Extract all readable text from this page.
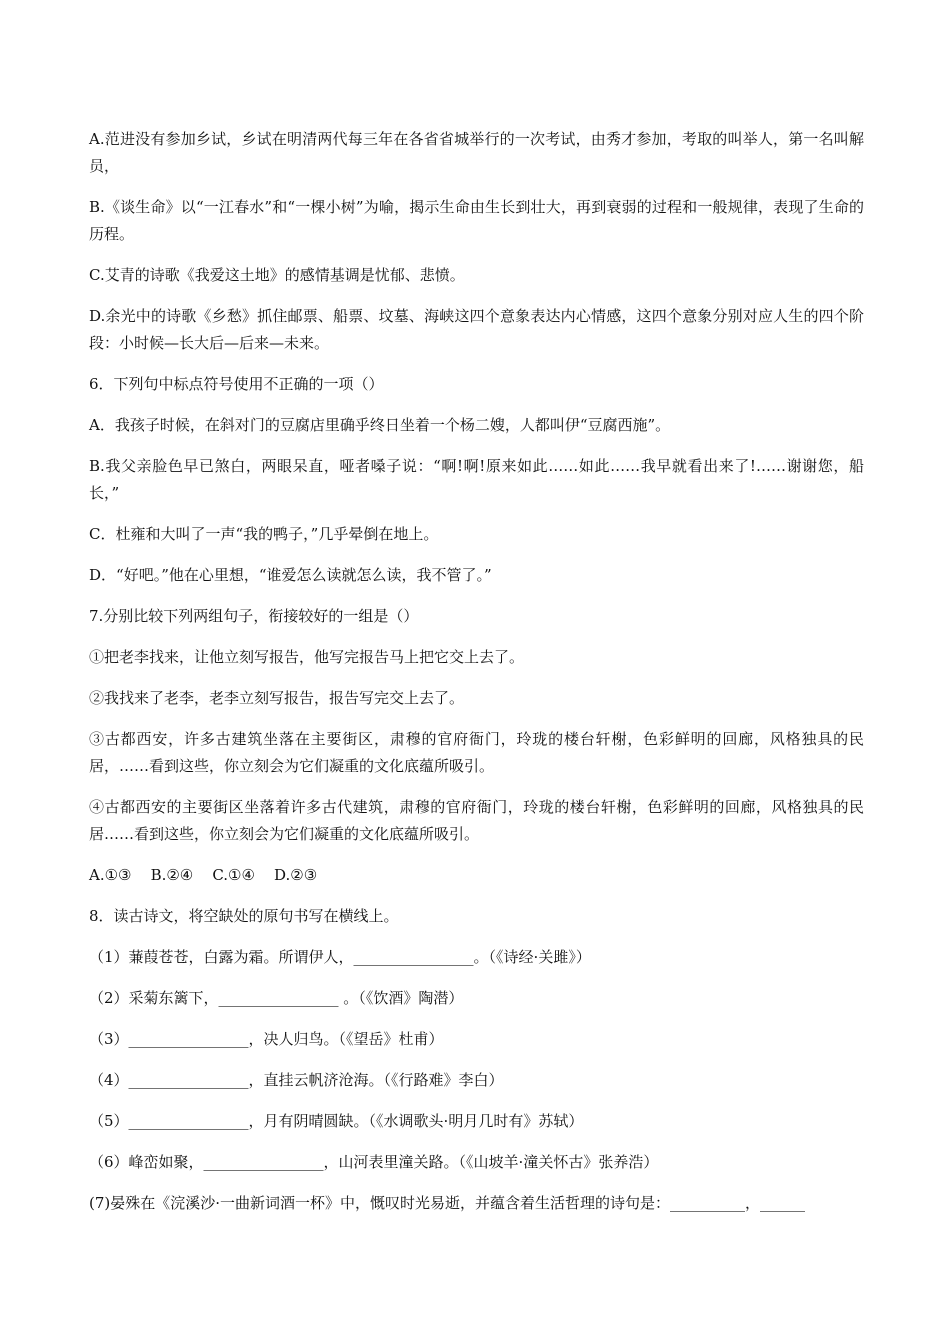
A.范进没有参加乡试，乡试在明清两代每三年在各省省城举行的一次考试，由秀才参加，考取的叫举人，第一名叫解员，

B.《谈生命》以“一江春水”和“一棵小树”为喻，揭示生命由生长到壮大，再到衰弱的过程和一般规律，表现了生命的历程。

C.艾青的诗歌《我爱这土地》的感情基调是忧郁、悲愤。

D.余光中的诗歌《乡愁》抓住邮票、船票、坟墓、海峡这四个意象表达内心情感，这四个意象分别对应人生的四个阶段：小时候—长大后—后来—未来。

6．下列句中标点符号使用不正确的一项（）

A．我孩子时候，在斜对门的豆腐店里确乎终日坐着一个杨二嫂，人都叫伊“豆腐西施”。

B.我父亲脸色早已煞白，两眼呆直，哑者嗓子说：“啊!啊!原来如此……如此……我早就看出来了!……谢谢您，船长，”

C．杜雍和大叫了一声“我的鸭子，”几乎晕倒在地上。

D．“好吧。”他在心里想，“谁爱怎么读就怎么读，我不管了。”

7.分别比较下列两组句子，衔接较好的一组是（）

①把老李找来，让他立刻写报告，他写完报告马上把它交上去了。

②我找来了老李，老李立刻写报告，报告写完交上去了。

③古都西安，许多古建筑坐落在主要街区，肃穆的官府衙门，玲珑的楼台轩榭，色彩鲜明的回廊，风格独具的民居，……看到这些，你立刻会为它们凝重的文化底蕴所吸引。

④古都西安的主要街区坐落着许多古代建筑，肃穆的官府衙门，玲珑的楼台轩榭，色彩鲜明的回廊，风格独具的民居……看到这些，你立刻会为它们凝重的文化底蕴所吸引。

A.①③    B.②④    C.①④    D.②③

8．读古诗文，将空缺处的原句书写在横线上。

（1）蒹葭苍苍，白露为霜。所谓伊人，________________。（《诗经·关雎》）

（2）采菊东篱下，________________ 。（《饮酒》陶潜）

（3）________________，决人归鸟。（《望岳》杜甫）

（4）________________，直挂云帆济沧海。（《行路难》李白）

（5）________________，月有阴晴圆缺。（《水调歌头·明月几时有》苏轼）

（6）峰峦如聚，________________，山河表里潼关路。（《山坡羊·潼关怀古》张养浩）

(7)晏殊在《浣溪沙·一曲新词酒一杯》中，慨叹时光易逝，并蕴含着生活哲理的诗句是：__________，______
